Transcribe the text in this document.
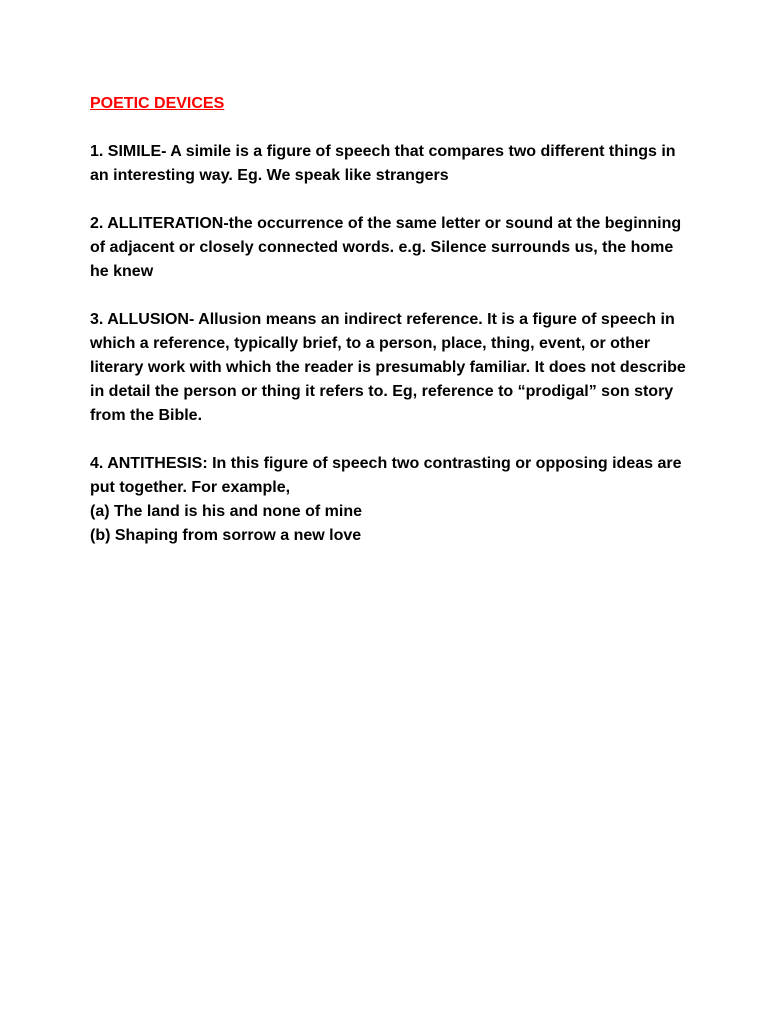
POETIC DEVICES
1. SIMILE- A simile is a figure of speech that compares two different things in an interesting way. Eg. We speak like strangers
2. ALLITERATION-the occurrence of the same letter or sound at the beginning of adjacent or closely connected words. e.g. Silence surrounds us, the home he knew
3. ALLUSION- Allusion means an indirect reference. It is a figure of speech in which a reference, typically brief, to a person, place, thing, event, or other literary work with which the reader is presumably familiar. It does not describe in detail the person or thing it refers to. Eg, reference to “prodigal” son story from the Bible.
4. ANTITHESIS: In this figure of speech two contrasting or opposing ideas are put together. For example,
(a) The land is his and none of mine
(b) Shaping from sorrow a new love
